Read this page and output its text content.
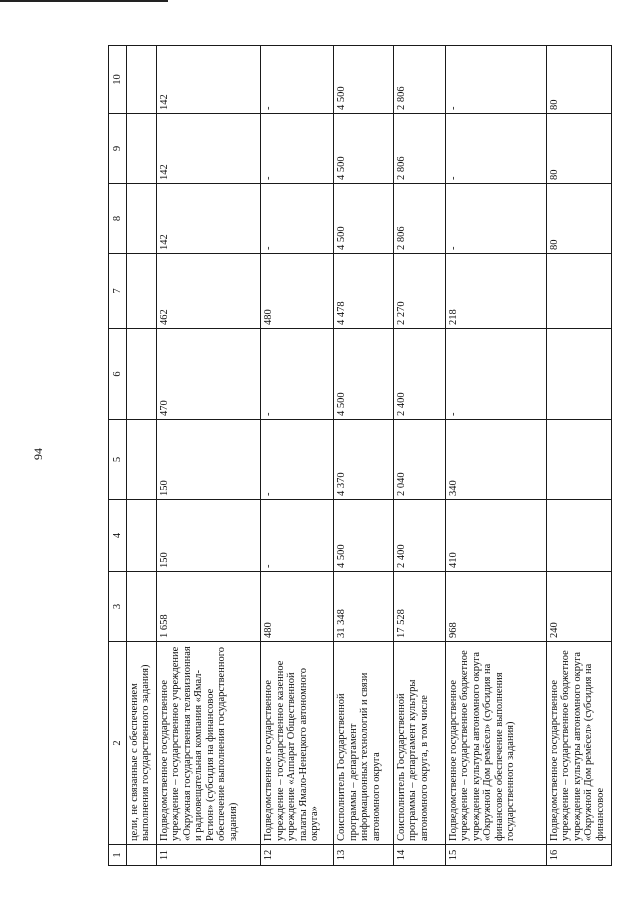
94
1	2	3	4	5	6	7	8	9	10
	цели, не связанные с обеспечением выполнения государственного задания)								
11	Подведомственное государственное учреждение – государственное учреждение «Окружная государственная телевизионная и радиовещательная компания «Ямал-Регион» (субсидия на финансовое обеспечение выполнения государственного задания)	1 658	150	150	470	462	142	142	142
12	Подведомственное государственное учреждение – государственное казенное учреждение «Аппарат Общественной палаты Ямало-Ненецкого автономного округа»	480	-	-	-	480	-	-	-
13	Соисполнитель Государственной программы – департамент информационных технологий и связи автономного округа	31 348	4 500	4 370	4 500	4 478	4 500	4 500	4 500
14	Соисполнитель Государственной программы – департамент культуры автономного округа, в том числе	17 528	2 400	2 040	2 400	2 270	2 806	2 806	2 806
15	Подведомственное государственное учреждение – государственное бюджетное учреждение культуры автономного округа «Окружной Дом ремёсел» (субсидия на финансовое обеспечение выполнения государственного задания)	968	410	340	-	218	-	-	-
16	Подведомственное государственное учреждение – государственное бюджетное учреждение культуры автономного округа «Окружной Дом ремёсел» (субсидия на финансовое	240					80	80	80
